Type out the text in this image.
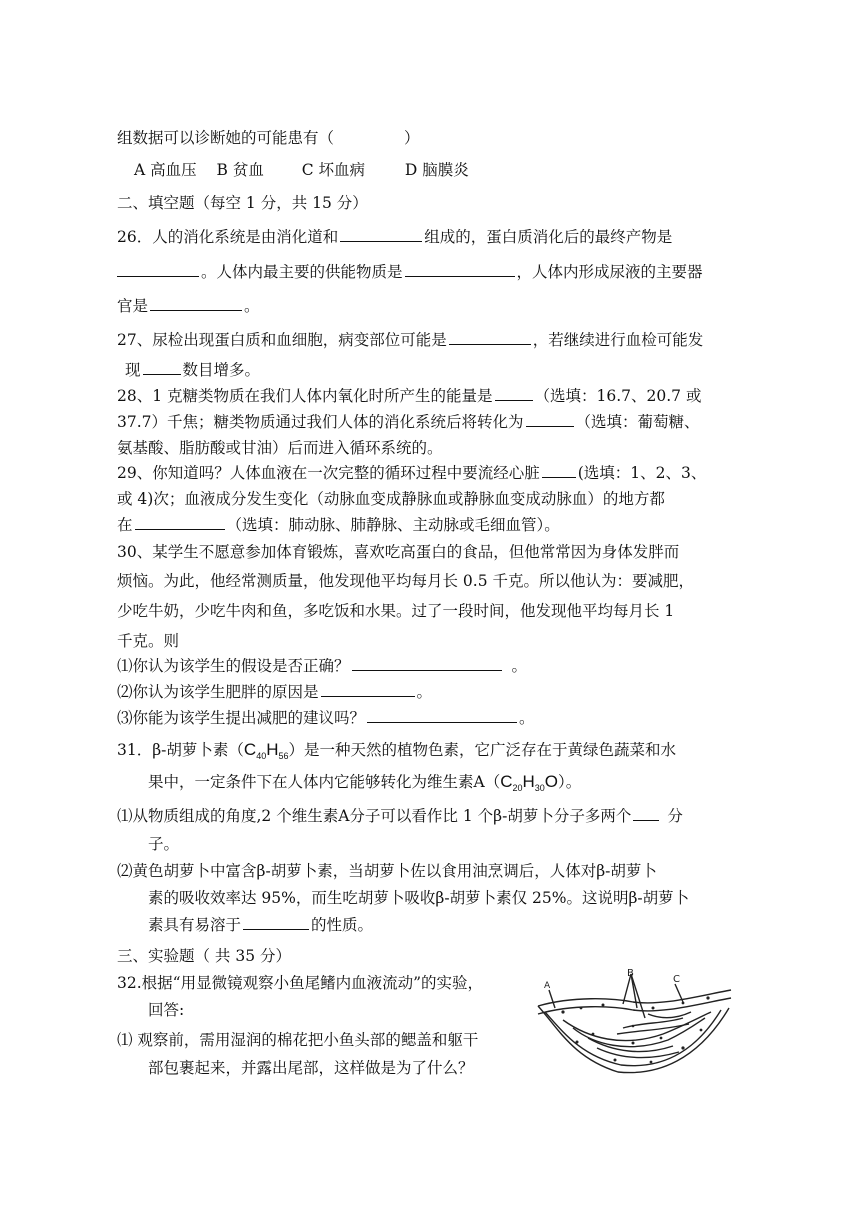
组数据可以诊断她的可能患有（	）
A 高血压 B 贫血 C 坏血病	D 脑膜炎
二、填空题（每空 1 分，共 15 分）
26．人的消化系统是由消化道和	组成的，蛋白质消化后的最终产物是
。人体内最主要的供能物质是	，人体内形成尿液的主要器
官是	。
27、尿检出现蛋白质和血细胞，病变部位可能是	，若继续进行血检可能发
现	数目增多。
28、1 克糖类物质在我们人体内氧化时所产生的能量是	（选填：16.7、20.7 或
37.7）千焦；糖类物质通过我们人体的消化系统后将转化为	（选填：葡萄糖、
氨基酸、脂肪酸或甘油）后而进入循环系统的。
29、你知道吗？人体血液在一次完整的循环过程中要流经心脏 (选填：1、2、3、
或 4)次；血液成分发生变化（动脉血变成静脉血或静脉血变成动脉血）的地方都
在	（选填：肺动脉、肺静脉、主动脉或毛细血管）。
30、某学生不愿意参加体育锻炼，喜欢吃高蛋白的食品，但他常常因为身体发胖而
烦恼。为此，他经常测质量，他发现他平均每月长 0.5 千克。所以他认为：要减肥，
少吃牛奶，少吃牛肉和鱼，多吃饭和水果。过了一段时间，他发现他平均每月长 1
千克。则
⑴你认为该学生的假设是否正确？	。
⑵你认为该学生肥胖的原因是	。
⑶你能为该学生提出减肥的建议吗？	。
31．β-胡萝卜素$(C_{40}H_{56})$是一种天然的植物色素，它广泛存在于黄绿色蔬菜和水
果中，一定条件下在人体内它能够转化为维生素$A(C_{20}H_{30}O)$。
⑴从物质组成的角度,2 个维生素A分子可以看作比 1 个β-胡萝卜分子多两个 分
子。
⑵黄色胡萝卜中富含β-胡萝卜素，当胡萝卜佐以食用油烹调后，人体对β-胡萝卜
素的吸收效率达 95%，而生吃胡萝卜吸收β-胡萝卜素仅 25%。这说明β-胡萝卜
素具有易溶于	的性质。
三、实验题（ 共 35 分）
32.根据“用显微镜观察小鱼尾鳍内血液流动”的实验，
回答:
⑴ 观察前，需用湿润的棉花把小鱼头部的鳃盖和躯干
部包裹起来，并露出尾部，这样做是为了什么？
B
C
A
